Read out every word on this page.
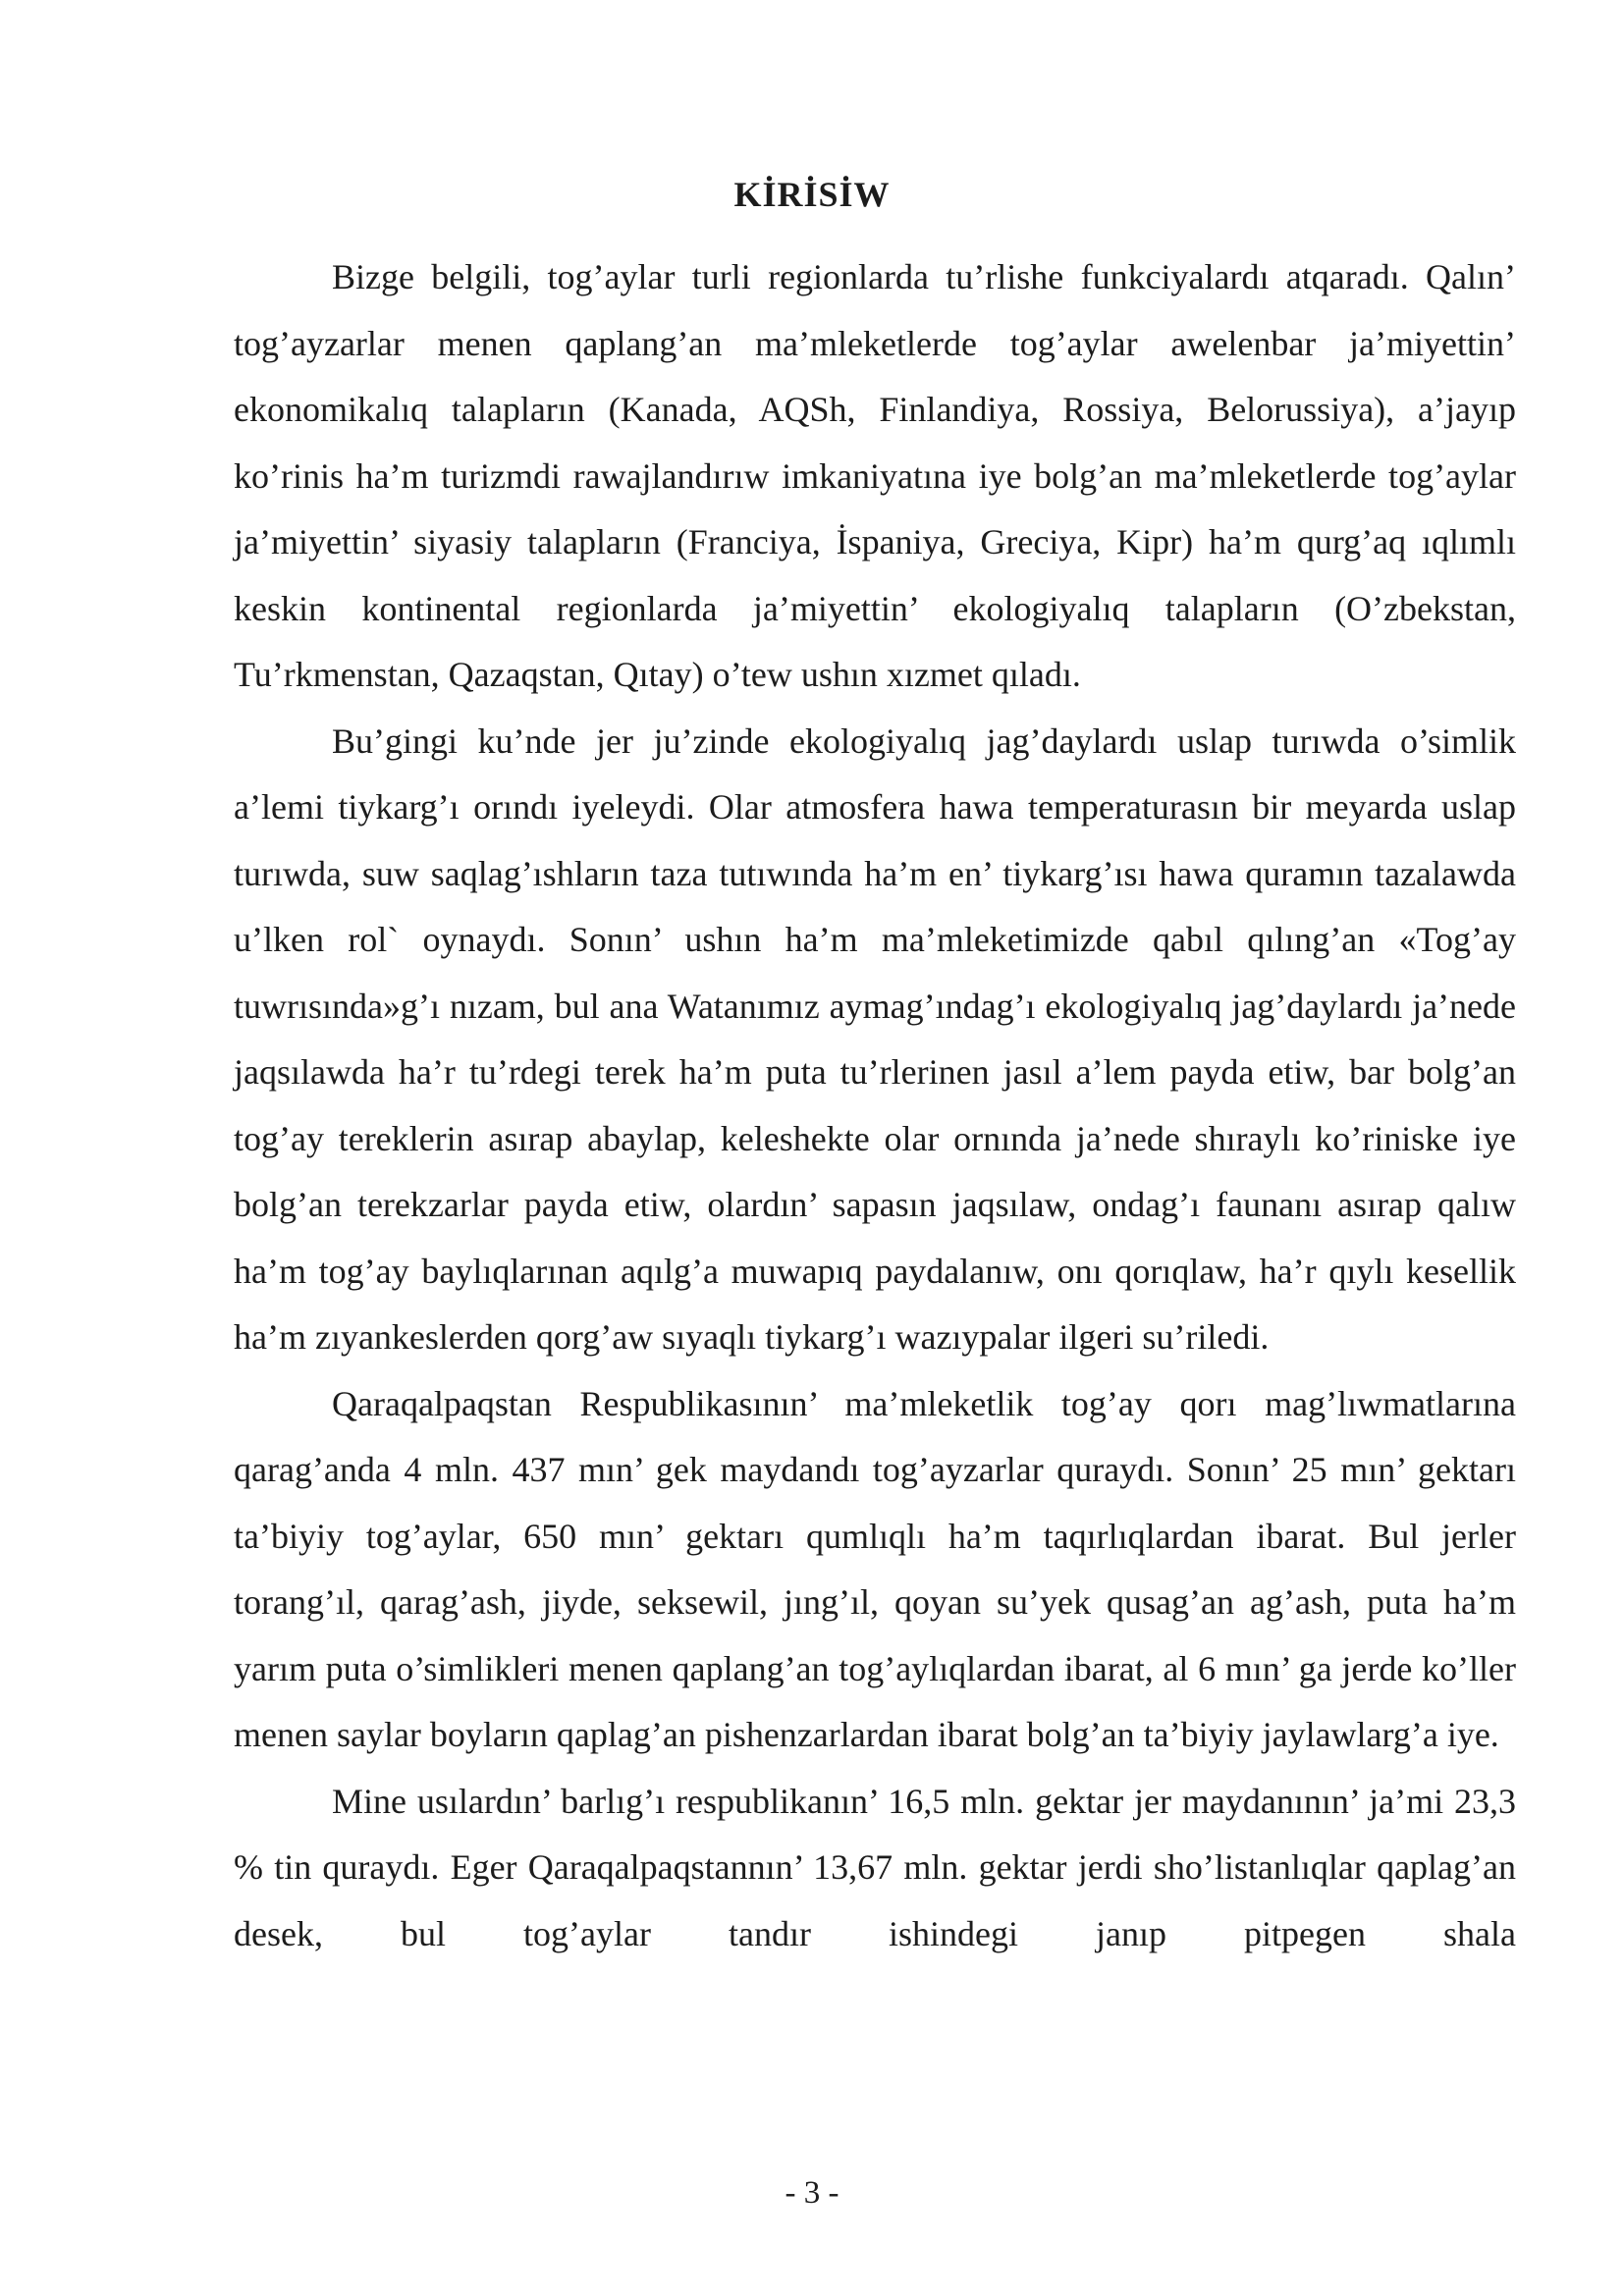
KİRİSİW

Bizge belgili, tog’aylar turli regionlarda tu’rlishe funkciyalardı atqaradı. Qalın’ tog’ayzarlar menen qaplang’an ma’mleketlerde tog’aylar awelenbar ja’miyettin’ ekonomikalıq talapların (Kanada, AQSh, Finlandiya, Rossiya, Belorussiya), a’jayıp ko’rinis ha’m turizmdi rawajlandırıw imkaniyatına iye bolg’an ma’mleketlerde tog’aylar ja’miyettin’ siyasiy talapların (Franciya, İspaniya, Greciya, Kipr) ha’m qurg’aq ıqlımlı keskin kontinental regionlarda ja’miyettin’ ekologiyalıq talapların (O’zbekstan, Tu’rkmenstan, Qazaqstan, Qıtay) o’tew ushın xızmet qıladı.

Bu’gingi ku’nde jer ju’zinde ekologiyalıq jag’daylardı uslap turıwda o’simlik a’lemi tiykarg’ı orındı iyeleydi. Olar atmosfera hawa temperaturasın bir meyarda uslap turıwda, suw saqlag’ıshların taza tutıwında ha’m en’ tiykarg’ısı hawa quramın tazalawda u’lken rol` oynaydı. Sonın’ ushın ha’m ma’mleketimizde qabıl qılıng’an «Tog’ay tuwrısında»g’ı nızam, bul ana Watanımız aymag’ındag’ı ekologiyalıq jag’daylardı ja’nede jaqsılawda ha’r tu’rdegi terek ha’m puta tu’rlerinen jasıl a’lem payda etiw, bar bolg’an tog’ay tereklerin asırap abaylap, keleshekte olar ornında ja’nede shıraylı ko’riniske iye bolg’an terekzarlar payda etiw, olardın’ sapasın jaqsılaw, ondag’ı faunanı asırap qalıw ha’m tog’ay baylıqlarınan aqılg’a muwapıq paydalanıw, onı qorıqlaw, ha’r qıylı kesellik ha’m zıyankeslerden qorg’aw sıyaqlı tiykarg’ı wazıypalar ilgeri su’riledi.

Qaraqalpaqstan Respublikasının’ ma’mleketlik tog’ay qorı mag’lıwmatlarına qarag’anda 4 mln. 437 mın’ gek maydandı tog’ayzarlar quraydı. Sonın’ 25 mın’ gektarı ta’biyiy tog’aylar, 650 mın’ gektarı qumlıqlı ha’m taqırlıqlardan ibarat. Bul jerler torang’ıl, qarag’ash, jiyde, seksewil, jıng’ıl, qoyan su’yek qusag’an ag’ash, puta ha’m yarım puta o’simlikleri menen qaplang’an tog’aylıqlardan ibarat, al 6 mın’ ga jerde ko’ller menen saylar boyların qaplag’an pishenzarlardan ibarat bolg’an ta’biyiy jaylawlarg’a iye.

Mine usılardın’ barlıg’ı respublikanın’ 16,5 mln. gektar jer maydanının’ ja’mi 23,3 % tin quraydı. Eger Qaraqalpaqstannın’ 13,67 mln. gektar jerdi sho’listanlıqlar qaplag’an desek, bul tog’aylar tandır ishindegi janıp pitpegen shala

- 3 -
